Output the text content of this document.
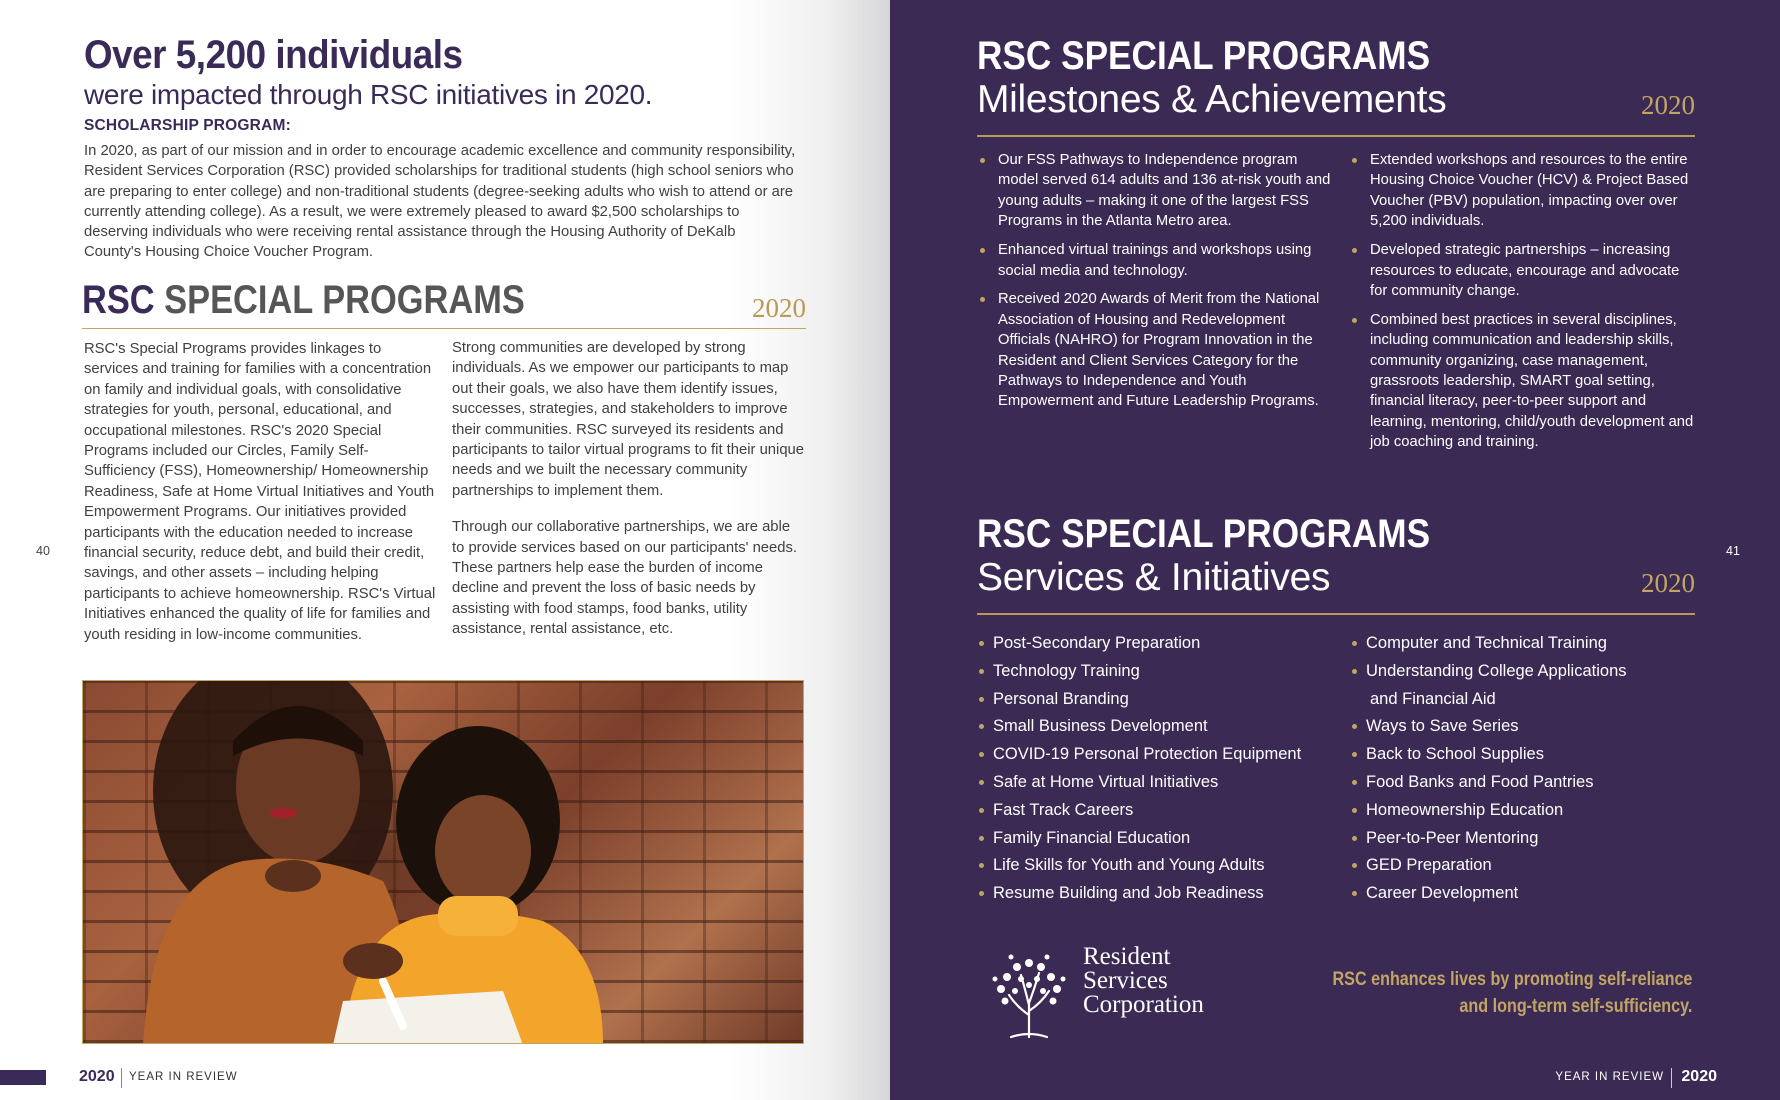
Over 5,200 individuals
were impacted through RSC initiatives in 2020.
SCHOLARSHIP PROGRAM:
In 2020, as part of our mission and in order to encourage academic excellence and community responsibility, Resident Services Corporation (RSC) provided scholarships for traditional students (high school seniors who are preparing to enter college) and non-traditional students (degree-seeking adults who wish to attend or are currently attending college). As a result, we were extremely pleased to award $2,500 scholarships to deserving individuals who were receiving rental assistance through the Housing Authority of DeKalb County's Housing Choice Voucher Program.
RSC SPECIAL PROGRAMS	2020
RSC's Special Programs provides linkages to services and training for families with a concentration on family and individual goals, with consolidative strategies for youth, personal, educational, and occupational milestones. RSC's 2020 Special Programs included our Circles, Family Self-Sufficiency (FSS), Homeownership/ Homeownership Readiness, Safe at Home Virtual Initiatives and Youth Empowerment Programs. Our initiatives provided participants with the education needed to increase financial security, reduce debt, and build their credit, savings, and other assets – including helping participants to achieve homeownership. RSC's Virtual Initiatives enhanced the quality of life for families and youth residing in low-income communities.

Strong communities are developed by strong individuals. As we empower our participants to map out their goals, we also have them identify issues, successes, strategies, and stakeholders to improve their communities. RSC surveyed its residents and participants to tailor virtual programs to fit their unique needs and we built the necessary community partnerships to implement them.

Through our collaborative partnerships, we are able to provide services based on our participants' needs. These partners help ease the burden of income decline and prevent the loss of basic needs by assisting with food stamps, food banks, utility assistance, rental assistance, etc.

40
2020 YEAR IN REVIEW
RSC SPECIAL PROGRAMS
Milestones & Achievements	2020
Our FSS Pathways to Independence program model served 614 adults and 136 at-risk youth and young adults – making it one of the largest FSS Programs in the Atlanta Metro area.
Enhanced virtual trainings and workshops using social media and technology.
Received 2020 Awards of Merit from the National Association of Housing and Redevelopment Officials (NAHRO) for Program Innovation in the Resident and Client Services Category for the Pathways to Independence and Youth Empowerment and Future Leadership Programs.
Extended workshops and resources to the entire Housing Choice Voucher (HCV) & Project Based Voucher (PBV) population, impacting over over 5,200 individuals.
Developed strategic partnerships – increasing resources to educate, encourage and advocate for community change.
Combined best practices in several disciplines, including communication and leadership skills, community organizing, case management, grassroots leadership, SMART goal setting, financial literacy, peer-to-peer support and learning, mentoring, child/youth development and job coaching and training.
RSC SPECIAL PROGRAMS
Services & Initiatives	2020
Post-Secondary Preparation
Technology Training
Personal Branding
Small Business Development
COVID-19 Personal Protection Equipment
Safe at Home Virtual Initiatives
Fast Track Careers
Family Financial Education
Life Skills for Youth and Young Adults
Resume Building and Job Readiness
Computer and Technical Training
Understanding College Applications
and Financial Aid
Ways to Save Series
Back to School Supplies
Food Banks and Food Pantries
Homeownership Education
Peer-to-Peer Mentoring
GED Preparation
Career Development
Resident
Services
Corporation
RSC enhances lives by promoting self-reliance
and long-term self-sufficiency.
41
YEAR IN REVIEW 2020
